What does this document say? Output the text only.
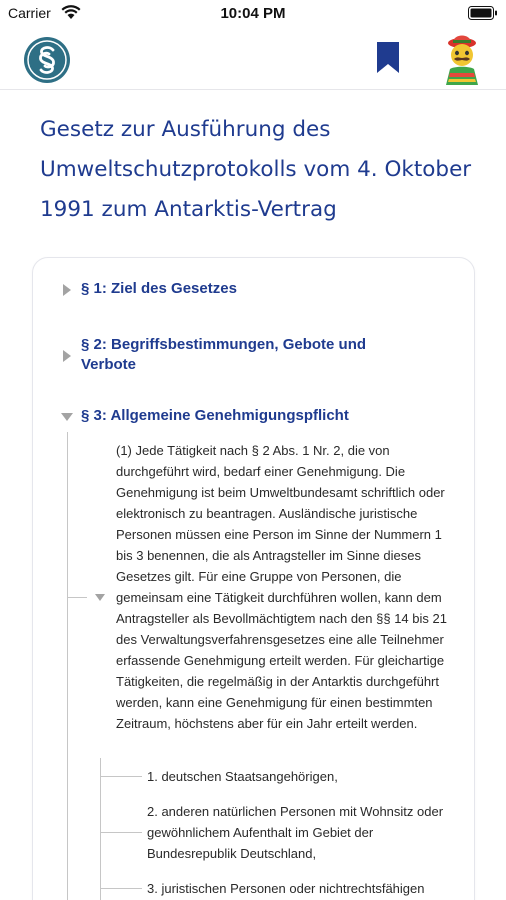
Carrier	10:04 PM
Gesetz zur Ausführung des Umweltschutzprotokolls vom 4. Oktober 1991 zum Antarktis-Vertrag
§ 1: Ziel des Gesetzes
§ 2: Begriffsbestimmungen, Gebote und Verbote
§ 3: Allgemeine Genehmigungspflicht

(1) Jede Tätigkeit nach § 2 Abs. 1 Nr. 2, die von durchgeführt wird, bedarf einer Genehmigung. Die Genehmigung ist beim Umweltbundesamt schriftlich oder elektronisch zu beantragen. Ausländische juristische Personen müssen eine Person im Sinne der Nummern 1 bis 3 benennen, die als Antragsteller im Sinne dieses Gesetzes gilt. Für eine Gruppe von Personen, die gemeinsam eine Tätigkeit durchführen wollen, kann dem Antragsteller als Bevollmächtigtem nach den §§ 14 bis 21 des Verwaltungsverfahrensgesetzes eine alle Teilnehmer erfassende Genehmigung erteilt werden. Für gleichartige Tätigkeiten, die regelmäßig in der Antarktis durchgeführt werden, kann eine Genehmigung für einen bestimmten Zeitraum, höchstens aber für ein Jahr erteilt werden.

1. deutschen Staatsangehörigen,

2. anderen natürlichen Personen mit Wohnsitz oder gewöhnlichem Aufenthalt im Gebiet der Bundesrepublik Deutschland,

3. juristischen Personen oder nichtrechtsfähigen
